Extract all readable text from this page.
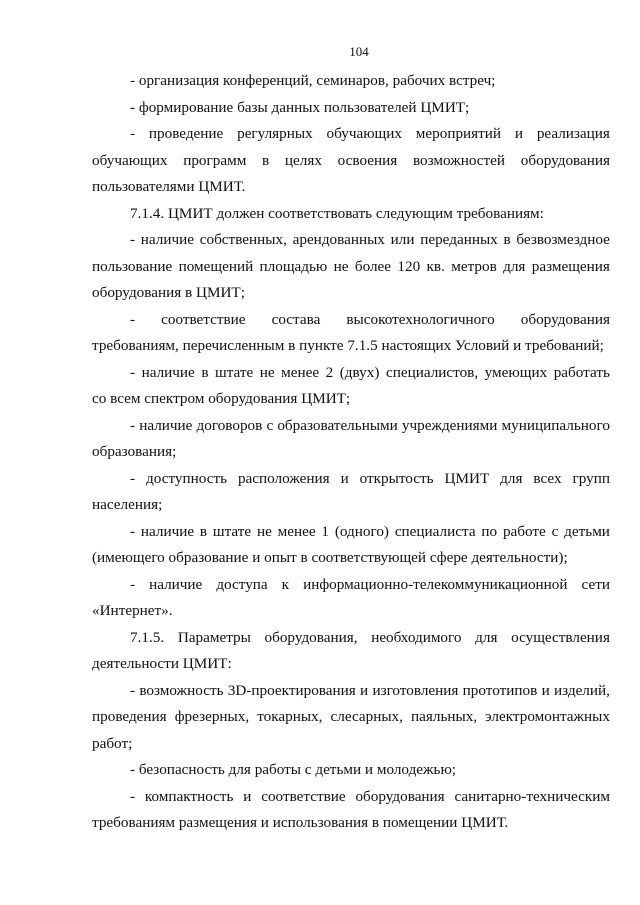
104
- организация конференций, семинаров, рабочих встреч;
- формирование базы данных пользователей ЦМИТ;
- проведение регулярных обучающих мероприятий и реализация
обучающих программ в целях освоения возможностей оборудования
пользователями ЦМИТ.
7.1.4. ЦМИТ должен соответствовать следующим требованиям:
- наличие собственных, арендованных или переданных в безвозмездное
пользование помещений площадью не более 120 кв. метров для размещения
оборудования в ЦМИТ;
- соответствие состава высокотехнологичного оборудования
требованиям, перечисленным в пункте 7.1.5 настоящих Условий и требований;
- наличие в штате не менее 2 (двух) специалистов, умеющих работать
со всем спектром оборудования ЦМИТ;
- наличие договоров с образовательными учреждениями муниципального
образования;
- доступность расположения и открытость ЦМИТ для всех групп
населения;
- наличие в штате не менее 1 (одного) специалиста по работе с детьми
(имеющего образование и опыт в соответствующей сфере деятельности);
- наличие доступа к информационно-телекоммуникационной сети
«Интернет».
7.1.5. Параметры оборудования, необходимого для осуществления
деятельности ЦМИТ:
- возможность 3D-проектирования и изготовления прототипов и изделий,
проведения фрезерных, токарных, слесарных, паяльных, электромонтажных
работ;
- безопасность для работы с детьми и молодежью;
- компактность и соответствие оборудования санитарно-техническим
требованиям размещения и использования в помещении ЦМИТ.
